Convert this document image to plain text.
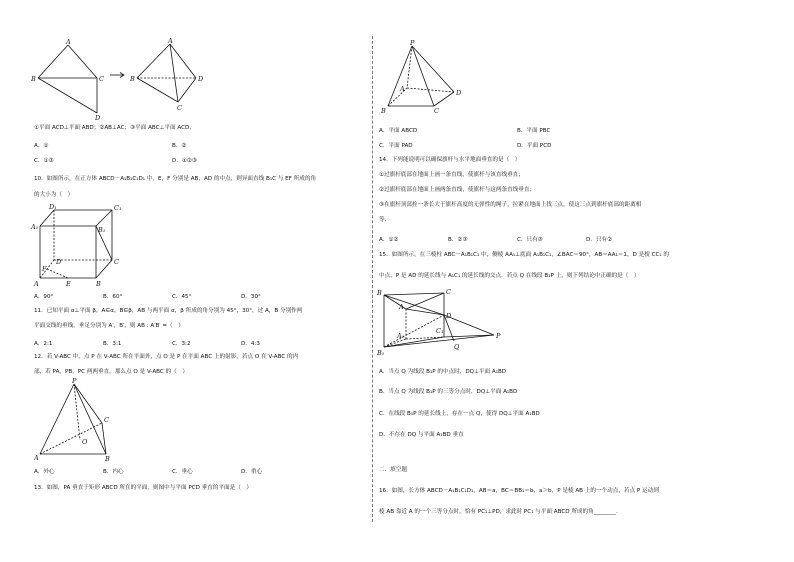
A
B	C
D
A
B	D
C
①平面 ACD⊥平面 ABD；②AB⊥AC；③平面 ABC⊥平面 ACD.
A．①	B．②
C．①③	D．①②③
10．如图所示，在正方体 ABCD－A₁B₁C₁D₁ 中，E，F 分别是 AB，AD 的中点，则异面直线 B₁C 与 EF 所成的角
的大小为（　）
D₁	C₁
A₁	B₁
D	C
F
A	E	B
A．90°	B．60°	C．45°	D．30°
11．已知平面 α⊥平面 β，A∈α，B∈β，AB 与两平面 α，β 所成的角分别为 45°，30°，过 A，B 分别作两
平面交线的垂线，垂足分别为 A′，B′，则 AB : A′B′ =（　）
A．2:1	B．3:1	C．3:2	D．4:3
12．若 V-ABC 中，点 P 在 V-ABC 所在平面外，点 O 是 P 在平面 ABC 上的射影，若点 O 在 V-ABC 的内
部，若 PA，PB，PC 两两垂直，那么点 O 是 V-ABC 的（　）
P
C
O
A	B
A．外心	B．内心	C．垂心	D．重心
13．如图，PA 垂直于矩形 ABCD 所在的平面，则图中与平面 PCD 垂直的平面是（　）
P
A	D
B	C
A．平面 ABCD	B．平面 PBC
C．平面 PAD	D．平面 PCD
14．下列能说明可以确保旗杆与水平地面垂直的是（　）
①过旗杆底部在地面上画一条直线，使旗杆与该直线垂直；
②过旗杆底部在地面上画两条直线，使旗杆与这两条直线垂直；
③在旗杆顶部拴一条长大于旗杆高度的无弹性的绳子，拉紧在地面上找三点，使这三点到旗杆底部的距离相
等．
A．①②	B．②③	C．只有③	D．只有②
15．如图所示，在三棱柱 ABC－A₁B₁C₁ 中，侧棱 AA₁⊥底面 A₁B₁C₁，∠BAC＝90°，AB＝AA₁＝1，D 是棱 CC₁ 的
中点，P 是 AD 的延长线与 A₁C₁ 的延长线的交点．若点 Q 在线段 B₁P 上，则下列结论中正确的是（　）
B	C
A
D
B₁
C₁
A₁
Q
P
A．当点 Q 为线段 B₁P 的中点时，DQ⊥平面 A₁BD
B．当点 Q 为线段 B₁P 的三等分点时，DQ⊥平面 A₁BD
C．在线段 B₁P 的延长线上，存在一点 Q，使得 DQ⊥平面 A₁BD
D．不存在 DQ 与平面 A₁BD 垂直
二、填空题
16．如图，长方体 ABCD－A₁B₁C₁D₁，AB＝a，BC＝BB₁＝b，a＞b，P 是棱 AB 上的一个动点，若点 P 运动到
棱 AB 靠近 A 的一个三等分点时，恰有 PC₁⊥PD，求此时 PC₁ 与平面 ABCD 所成的角________．
